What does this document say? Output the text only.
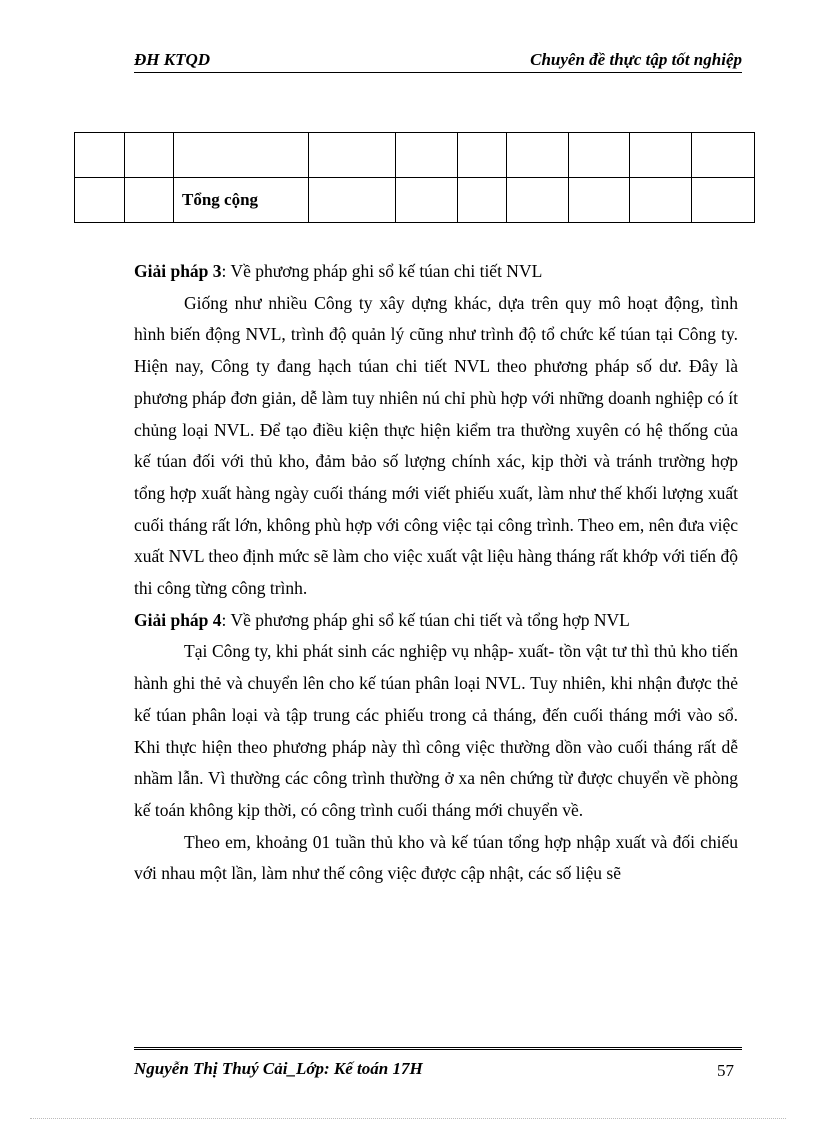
ĐH KTQD	Chuyên đề thực tập tốt nghiệp

		Tổng cộng							

Giải pháp 3: Về phương pháp ghi sổ kế túan chi tiết NVL

Giống như nhiều Công ty xây dựng khác, dựa trên quy mô hoạt động, tình hình biến động NVL, trình độ quản lý cũng như trình độ tổ chức kế túan tại Công ty. Hiện nay, Công ty đang hạch túan chi tiết NVL theo phương pháp số dư. Đây là phương pháp đơn giản, dễ làm tuy nhiên nú chỉ phù hợp với những doanh nghiệp có ít chủng loại NVL. Để tạo điều kiện thực hiện kiểm tra thường xuyên có hệ thống của kế túan đối với thủ kho, đảm bảo số lượng chính xác, kịp thời và tránh trường hợp tổng hợp xuất hàng ngày cuối tháng mới viết phiếu xuất, làm như thế khối lượng xuất cuối tháng rất lớn, không phù hợp với công việc tại công trình. Theo em, nên đưa việc xuất NVL theo định mức sẽ làm cho việc xuất vật liệu hàng tháng rất khớp với tiến độ thi công từng công trình.

Giải pháp 4: Về phương pháp ghi sổ kế túan chi tiết và tổng hợp NVL

Tại Công ty, khi phát sinh các nghiệp vụ nhập- xuất- tồn vật tư thì thủ kho tiến hành ghi thẻ và chuyển lên cho kế túan phân loại NVL. Tuy nhiên, khi nhận được thẻ kế túan phân loại và tập trung các phiếu trong cả tháng, đến cuối tháng mới vào sổ. Khi thực hiện theo phương pháp này thì công việc thường dồn vào cuối tháng rất dễ nhầm lẫn. Vì thường các công trình thường ở xa nên chứng từ được chuyển về phòng kế toán không kịp thời, có công trình cuối tháng mới chuyển về.

Theo em, khoảng 01 tuần thủ kho và kế túan tổng hợp nhập xuất và đối chiếu với nhau một lần, làm như thế công việc được cập nhật, các số liệu sẽ

Nguyễn Thị Thuý Cải_Lớp: Kế toán 17H	57
